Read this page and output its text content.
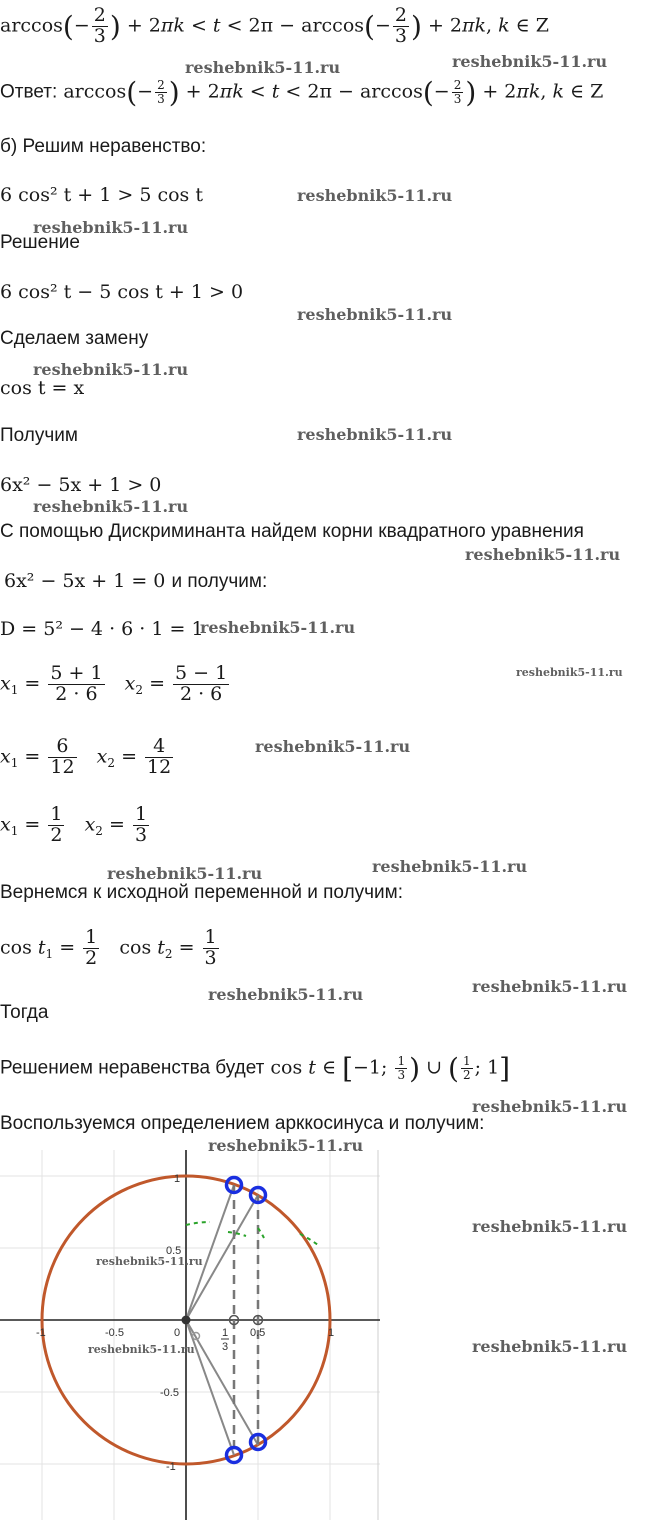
$\arccos(- \frac{2}{3}$ ) + $2\pi k < t < 2\pi - \arccos(- \frac{2}{3}$ ) + 2πk, k ∈ Z
Ответ: $\arccos(- \frac{2}{3}$ ) + $2\pi k < t < 2\pi - \arccos(- \frac{2}{3}$ ) + 2πk, k ∈ Z
б) Решим неравенство:
6 cos² t + 1 > 5 cos t
Решение
6 cos² t − 5 cos t + 1 > 0
Сделаем замену
cos t = x
Получим
6x² − 5x + 1 > 0
С помощью Дискриминанта найдем корни квадратного уравнения
6x² − 5x + 1 = 0 и получим:
D = 5² − 4 · 6 · 1 = 1
$x_1 = \frac{5 + 1}{2 \cdot 6} x_2 = \frac{5 - 1}{2 \cdot 6}$
$x_1 = \frac{6}{12} x_2 = \frac{4}{12}$
$x_1 = \frac{1}{2} x_2 = \frac{1}{3}$
Вернемся к исходной переменной и получим:
$\cos t_1 = \frac{1}{2}$ $\cos t_2 = \frac{1}{3}$
Тогда
Решением неравенства будет cos t ∈ [−1; $\frac{1}{3}$ ) ∪ ( $\frac{1}{2}$ ; 1]
Воспользуемся определением арккосинуса и получим:
-1	-0.5	0	0.5	1
1
0.5
-0.5
-1
1
3
reshebnik5-11.ru	reshebnik5-11.ru
reshebnik5-11.ru
reshebnik5-11.ru
reshebnik5-11.ru
reshebnik5-11.ru
reshebnik5-11.ru
reshebnik5-11.ru
reshebnik5-11.ru
reshebnik5-11.ru
reshebnik5-11.ru
reshebnik5-11.ru
reshebnik5-11.ru	reshebnik5-11.ru
reshebnik5-11.ru	reshebnik5-11.ru
reshebnik5-11.ru
reshebnik5-11.ru
reshebnik5-11.ru
reshebnik5-11.ru
reshebnik5-11.ru	reshebnik5-11.ru
